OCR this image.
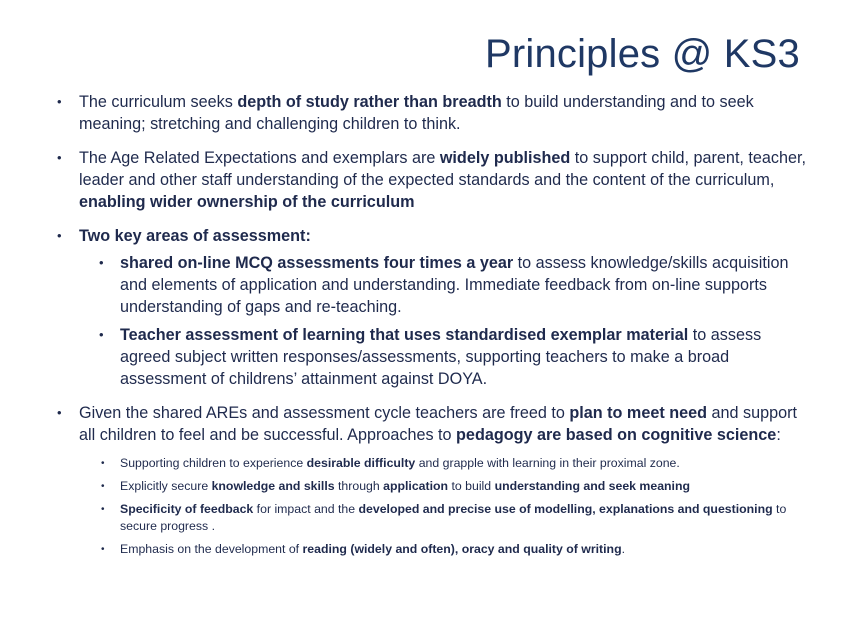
Principles @ KS3
• The curriculum seeks depth of study rather than breadth to build understanding and to seek meaning; stretching and challenging children to think.
• The Age Related Expectations and exemplars are widely published to support child, parent, teacher, leader and other staff understanding of the expected standards and the content of the curriculum, enabling wider ownership of the curriculum
• Two key areas of assessment:
• shared on-line MCQ assessments four times a year to assess knowledge/skills acquisition and elements of application and understanding. Immediate feedback from on-line supports understanding of gaps and re-teaching.
• Teacher assessment of learning that uses standardised exemplar material to assess agreed subject written responses/assessments, supporting teachers to make a broad assessment of childrens’ attainment against DOYA.
• Given the shared AREs and assessment cycle teachers are freed to plan to meet need and support all children to feel and be successful. Approaches to pedagogy are based on cognitive science:
• Supporting children to experience desirable difficulty and grapple with learning in their proximal zone.
• Explicitly secure knowledge and skills through application to build understanding and seek meaning
• Specificity of feedback for impact and the developed and precise use of modelling, explanations and questioning to secure progress .
• Emphasis on the development of reading (widely and often), oracy and quality of writing.
